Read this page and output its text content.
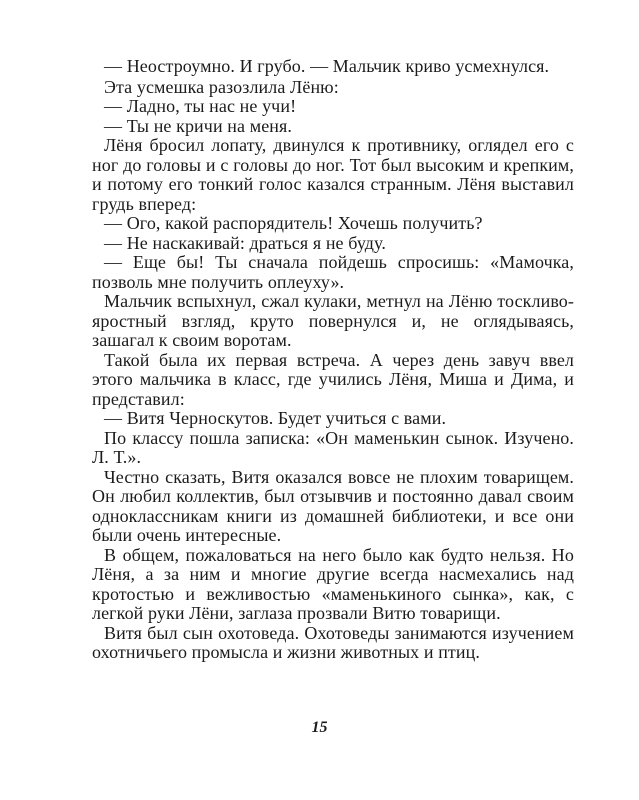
— Неостроумно. И грубо. — Мальчик криво усмехнулся.

Эта усмешка разозлила Лёню:

— Ладно, ты нас не учи!

— Ты не кричи на меня.

Лёня бросил лопату, двинулся к противнику, оглядел его с ног до головы и с головы до ног. Тот был высоким и крепким, и потому его тонкий голос казался странным. Лёня выставил грудь вперед:

— Ого, какой распорядитель! Хочешь получить?

— Не наскакивай: драться я не буду.

— Еще бы! Ты сначала пойдешь спросишь: «Мамочка, позволь мне получить оплеуху».

Мальчик вспыхнул, сжал кулаки, метнул на Лёню тоскливо-яростный взгляд, круто повернулся и, не оглядываясь, зашагал к своим воротам.

Такой была их первая встреча. А через день завуч ввел этого мальчика в класс, где учились Лёня, Миша и Дима, и представил:

— Витя Черноскутов. Будет учиться с вами.

По классу пошла записка: «Он маменькин сынок. Изучено. Л. Т.».

Честно сказать, Витя оказался вовсе не плохим товарищем. Он любил коллектив, был отзывчив и постоянно давал своим одноклассникам книги из домашней библиотеки, и все они были очень интересные.

В общем, пожаловаться на него было как будто нельзя. Но Лёня, а за ним и многие другие всегда насмехались над кротостью и вежливостью «маменькиного сынка», как, с легкой руки Лёни, заглаза прозвали Витю товарищи.

Витя был сын охотоведа. Охотоведы занимаются изучением охотничьего промысла и жизни животных и птиц.

15
